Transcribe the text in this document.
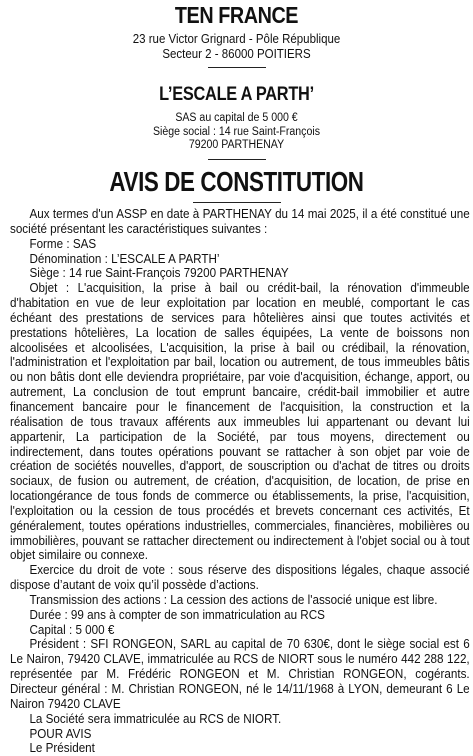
TEN FRANCE
23 rue Victor Grignard - Pôle République
Secteur 2 - 86000 POITIERS
L’ESCALE A PARTH’
SAS au capital de 5 000 €
Siège social : 14 rue Saint-François
79200 PARTHENAY
AVIS DE CONSTITUTION

Aux termes d'un ASSP en date à PARTHENAY du 14 mai 2025, il a été constitué une société présentant les caractéristiques suivantes :

Forme : SAS

Dénomination : L’ESCALE A PARTH’

Siège : 14 rue Saint-François 79200 PARTHENAY

Objet : L'acquisition, la prise à bail ou crédit-bail, la rénovation d'immeuble d'habitation en vue de leur exploitation par location en meublé, comportant le cas échéant des prestations de services para hôtelières ainsi que toutes activités et prestations hôtelières, La location de salles équipées, La vente de boissons non alcoolisées et alcoolisées, L'acquisition, la prise à bail ou crédibail, la rénovation, l'administration et l'exploitation par bail, location ou autrement, de tous immeubles bâtis ou non bâtis dont elle deviendra propriétaire, par voie d'acquisition, échange, apport, ou autrement, La conclusion de tout emprunt bancaire, crédit-bail immobilier et autre financement bancaire pour le financement de l'acquisition, la construction et la réalisation de tous travaux afférents aux immeubles lui appartenant ou devant lui appartenir, La participation de la Société, par tous moyens, directement ou indirectement, dans toutes opérations pouvant se rattacher à son objet par voie de création de sociétés nouvelles, d'apport, de souscription ou d'achat de titres ou droits sociaux, de fusion ou autrement, de création, d'acquisition, de location, de prise en locationgérance de tous fonds de commerce ou établissements, la prise, l'acquisition, l'exploitation ou la cession de tous procédés et brevets concernant ces activités, Et généralement, toutes opérations industrielles, commerciales, financières, mobilières ou immobilières, pouvant se rattacher directement ou indirectement à l'objet social ou à tout objet similaire ou connexe.

Exercice du droit de vote : sous réserve des dispositions légales, chaque associé dispose d’autant de voix qu’il possède d’actions.

Transmission des actions : La cession des actions de l'associé unique est libre.

Durée : 99 ans à compter de son immatriculation au RCS

Capital : 5 000 €

Président : SFI RONGEON, SARL au capital de 70 630€, dont le siège social est 6 Le Nairon, 79420 CLAVE, immatriculée au RCS de NIORT sous le numéro 442 288 122, représentée par M. Frédéric RONGEON et M. Christian RONGEON, cogérants. Directeur général : M. Christian RONGEON, né le 14/11/1968 à LYON, demeurant 6 Le Nairon 79420 CLAVE

La Société sera immatriculée au RCS de NIORT.

POUR AVIS

Le Président
